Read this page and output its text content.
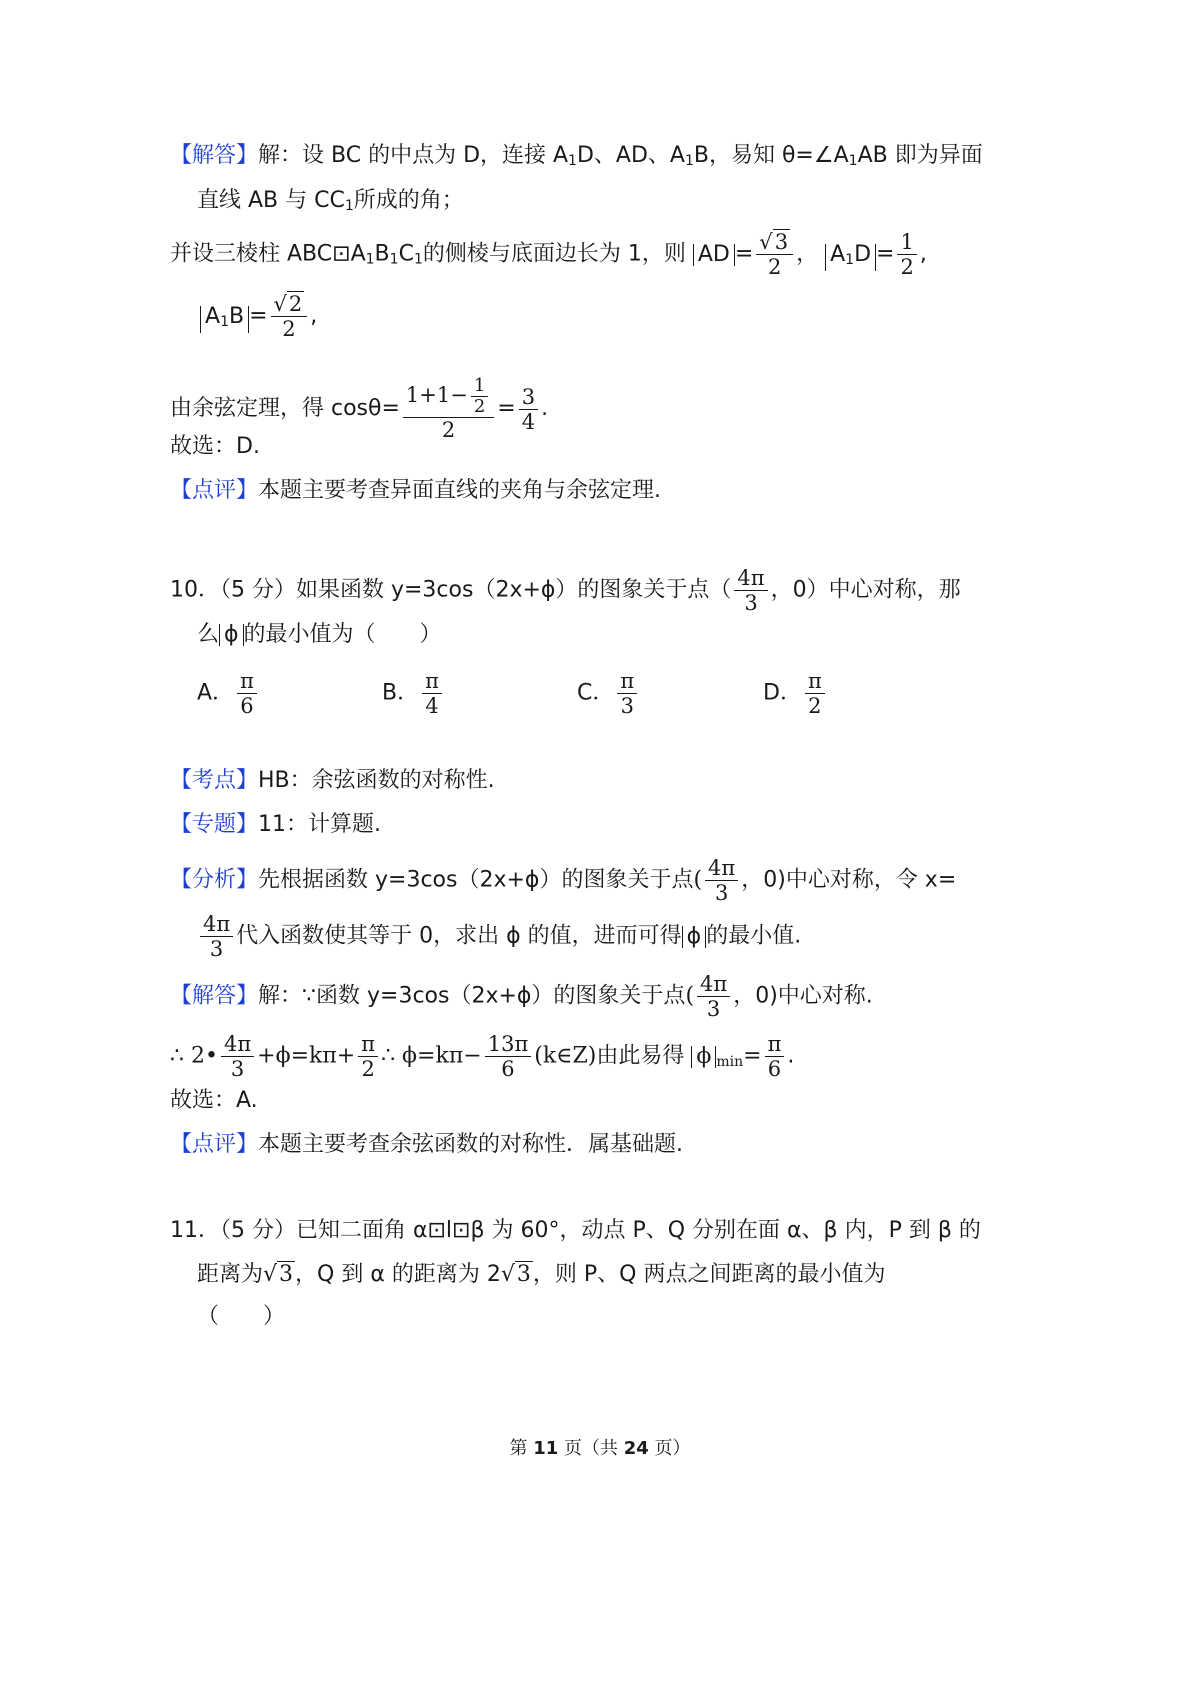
【解答】解：设 BC 的中点为 D，连接 $A_1D$、AD、$A_1B$，易知 $\theta=\angle A_1AB$ 即为异面
直线 AB 与 $CC_1$所成的角；
并设三棱柱 $ABC⊡A_1B_1C_1$的侧棱与底面边长为 1，则 AD = $\frac{√3}{2}$ ， $A_1D = \frac{1}{2}$ ,
$A_1B = \frac{√2}{2}$ ,
由余弦定理，得 $\cos\theta= \frac{1+1- \frac{1}{2}}{2} = \frac{3}{4}$ .
故选：D.
【点评】本题主要考查异面直线的夹角与余弦定理.
10．（5 分）如果函数 y=3cos（2x+ϕ）的图象关于点（ $\frac{4\pi}{3}$ ，0）中心对称，那
么 ϕ 的最小值为（　　）
A． $\frac{\pi}{6}$	B． $\frac{\pi}{4}$	C． $\frac{\pi}{3}$	D． $\frac{\pi}{2}$
【考点】HB：余弦函数的对称性.
【专题】11：计算题.
【分析】先根据函数 y=3cos（2x+ϕ）的图象关于点( $\frac{4\pi}{3}$ ，0)中心对称，令 x=
$\frac{4\pi}{3}$ 代入函数使其等于 0，求出 ϕ 的值，进而可得 ϕ 的最小值.
【解答】解：∵函数 y=3cos（2x+ϕ）的图象关于点( $\frac{4\pi}{3}$ ，0)中心对称.
∴ 2• $\frac{4\pi}{3} +\phi=k\pi+ \frac{\pi}{2}$ ∴ $\phi=k\pi- \frac{13\pi}{6}$ (k∈Z)由此易得 ϕ $_{min}= \frac{\pi}{6}$ .
故选：A.
【点评】本题主要考查余弦函数的对称性．属基础题.
11．（5 分）已知二面角 α⊡l⊡β 为 60°，动点 P、Q 分别在面 α、β 内，P 到 β 的
距离为√3，Q 到 α 的距离为 2√3，则 P、Q 两点之间距离的最小值为
（　　）
第 11 页（共 24 页）
